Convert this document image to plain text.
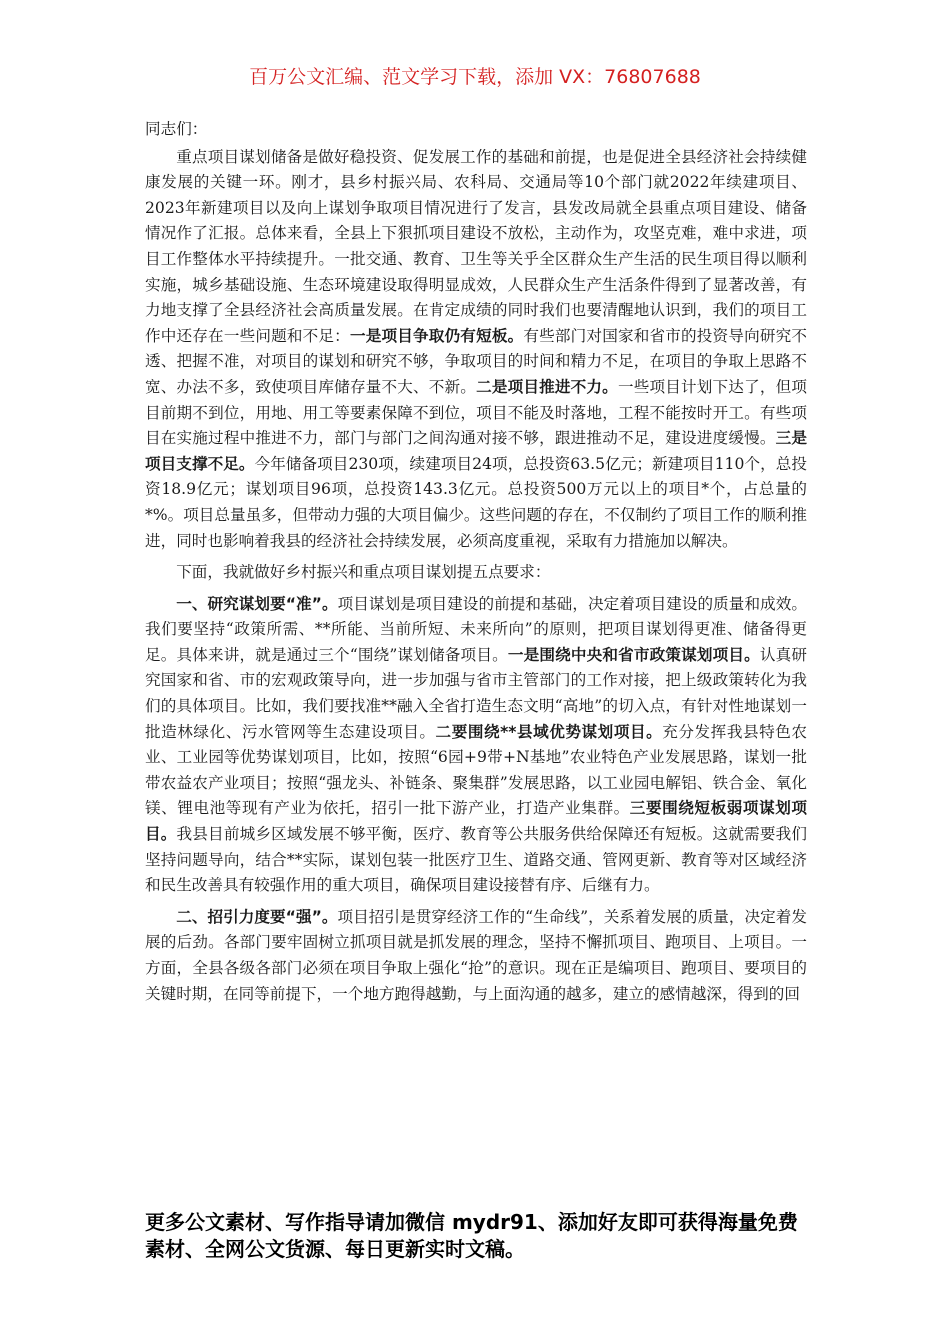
百万公文汇编、范文学习下载，添加 VX：76807688

同志们：

重点项目谋划储备是做好稳投资、促发展工作的基础和前提，也是促进全县经济社会持续健康发展的关键一环。刚才，县乡村振兴局、农科局、交通局等10个部门就2022年续建项目、2023年新建项目以及向上谋划争取项目情况进行了发言，县发改局就全县重点项目建设、储备情况作了汇报。总体来看，全县上下狠抓项目建设不放松，主动作为，攻坚克难，难中求进，项目工作整体水平持续提升。一批交通、教育、卫生等关乎全区群众生产生活的民生项目得以顺利实施，城乡基础设施、生态环境建设取得明显成效，人民群众生产生活条件得到了显著改善，有力地支撑了全县经济社会高质量发展。在肯定成绩的同时我们也要清醒地认识到，我们的项目工作中还存在一些问题和不足：一是项目争取仍有短板。有些部门对国家和省市的投资导向研究不透、把握不准，对项目的谋划和研究不够，争取项目的时间和精力不足，在项目的争取上思路不宽、办法不多，致使项目库储存量不大、不新。二是项目推进不力。一些项目计划下达了，但项目前期不到位，用地、用工等要素保障不到位，项目不能及时落地，工程不能按时开工。有些项目在实施过程中推进不力，部门与部门之间沟通对接不够，跟进推动不足，建设进度缓慢。三是项目支撑不足。今年储备项目230项，续建项目24项，总投资63.5亿元；新建项目110个，总投资18.9亿元；谋划项目96项，总投资143.3亿元。总投资500万元以上的项目*个，占总量的*%。项目总量虽多，但带动力强的大项目偏少。这些问题的存在，不仅制约了项目工作的顺利推进，同时也影响着我县的经济社会持续发展，必须高度重视，采取有力措施加以解决。

下面，我就做好乡村振兴和重点项目谋划提五点要求：

一、研究谋划要“准”。项目谋划是项目建设的前提和基础，决定着项目建设的质量和成效。我们要坚持“政策所需、**所能、当前所短、未来所向”的原则，把项目谋划得更准、储备得更足。具体来讲，就是通过三个“围绕”谋划储备项目。一是围绕中央和省市政策谋划项目。认真研究国家和省、市的宏观政策导向，进一步加强与省市主管部门的工作对接，把上级政策转化为我们的具体项目。比如，我们要找准**融入全省打造生态文明“高地”的切入点，有针对性地谋划一批造林绿化、污水管网等生态建设项目。二要围绕**县域优势谋划项目。充分发挥我县特色农业、工业园等优势谋划项目，比如，按照“6园+9带+N基地”农业特色产业发展思路，谋划一批带农益农产业项目；按照“强龙头、补链条、聚集群”发展思路，以工业园电解铝、铁合金、氧化镁、锂电池等现有产业为依托，招引一批下游产业，打造产业集群。三要围绕短板弱项谋划项目。我县目前城乡区域发展不够平衡，医疗、教育等公共服务供给保障还有短板。这就需要我们坚持问题导向，结合**实际，谋划包装一批医疗卫生、道路交通、管网更新、教育等对区域经济和民生改善具有较强作用的重大项目，确保项目建设接替有序、后继有力。

二、招引力度要“强”。项目招引是贯穿经济工作的“生命线”，关系着发展的质量，决定着发展的后劲。各部门要牢固树立抓项目就是抓发展的理念，坚持不懈抓项目、跑项目、上项目。一方面，全县各级各部门必须在项目争取上强化“抢”的意识。现在正是编项目、跑项目、要项目的关键时期，在同等前提下，一个地方跑得越勤，与上面沟通的越多，建立的感情越深，得到的回

更多公文素材、写作指导请加微信 mydr91、添加好友即可获得海量免费素材、全网公文货源、每日更新实时文稿。
